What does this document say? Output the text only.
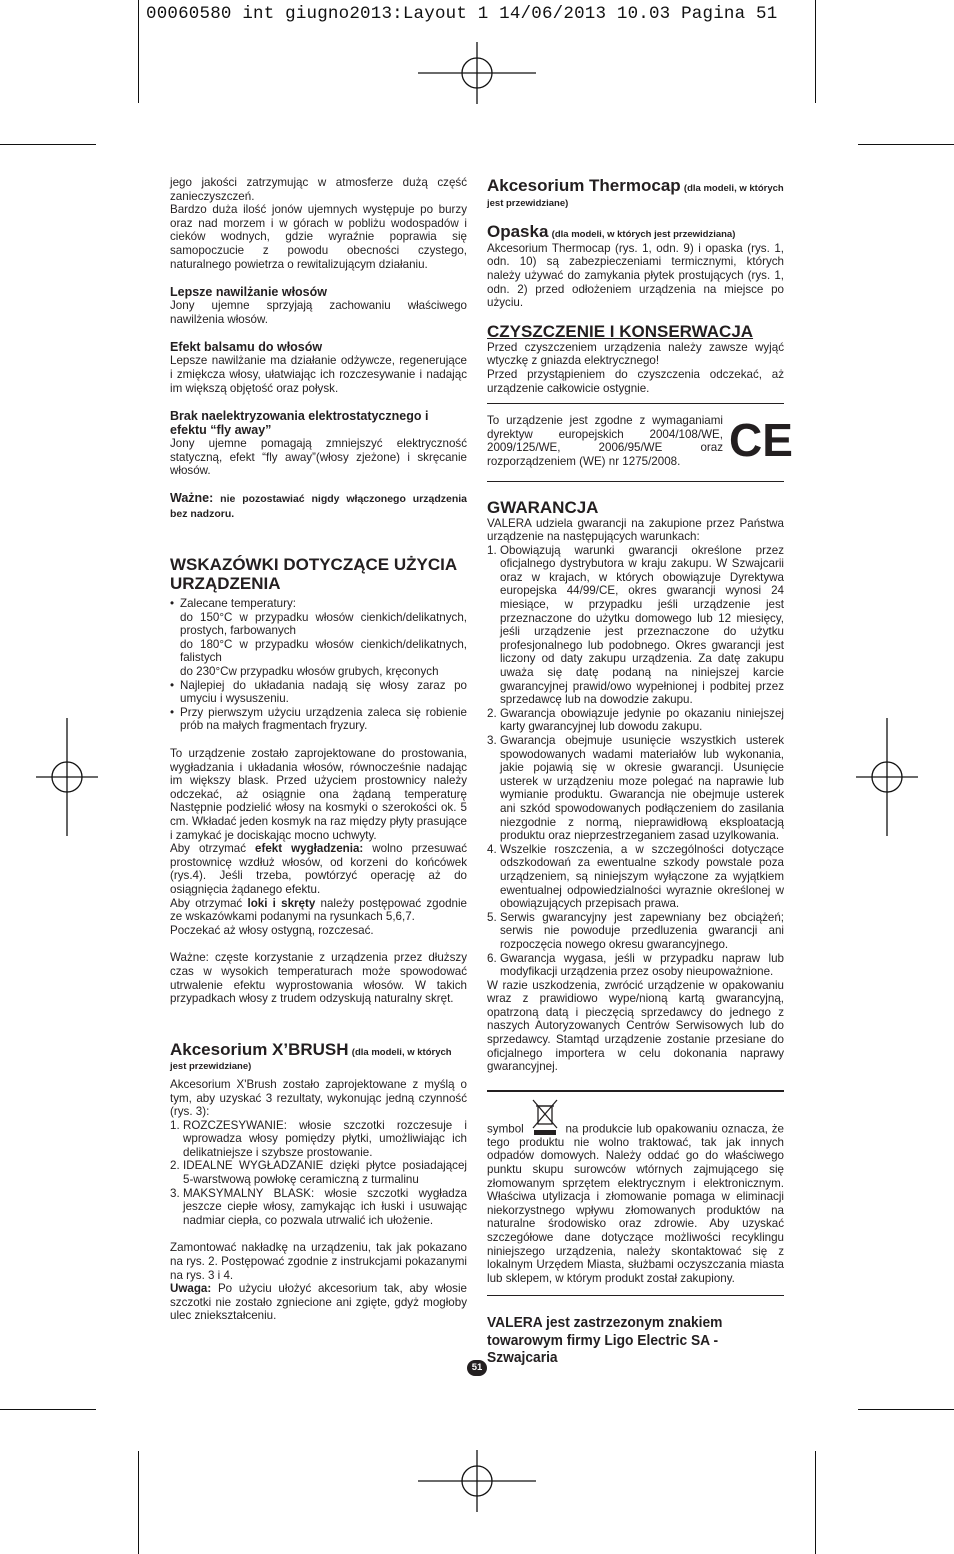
00060580 int giugno2013:Layout 1 14/06/2013 10.03 Pagina 51

jego jakości zatrzymując w atmosferze dużą część zanieczyszczeń.

Bardzo duża ilość jonów ujemnych występuje po burzy oraz nad morzem i w górach w pobliżu wodospadów i cieków wodnych, gdzie wyraźnie poprawia się samopoczucie z powodu obecności czystego, naturalnego powietrza o rewitalizującym działaniu.

Lepsze nawilżanie włosów

Jony ujemne sprzyjają zachowaniu właściwego nawilżenia włosów.

Efekt balsamu do włosów

Lepsze nawilżanie ma działanie odżywcze, regenerujące i zmiękcza włosy, ułatwiając ich rozczesywanie i nadając im większą objętość oraz połysk.

Brak naelektryzowania elektrostatycznego i efektu “fly away”

Jony ujemne pomagają zmniejszyć elektryczność statyczną, efekt “fly away”(włosy zjeżone) i skręcanie włosów.

Ważne: nie pozostawiać nigdy włączonego urządzenia bez nadzoru.

WSKAZÓWKI DOTYCZĄCE UŻYCIA URZĄDZENIA

• Zalecane temperatury:
do 150°C w przypadku włosów cienkich/delikatnych, prostych, farbowanych
do 180°C w przypadku włosów cienkich/delikatnych, falistych
do 230°Cw przypadku włosów grubych, kręconych
• Najlepiej do układania nadają się włosy zaraz po umyciu i wysuszeniu.
• Przy pierwszym użyciu urządzenia zaleca się robienie prób na małych fragmentach fryzury.

To urządzenie zostało zaprojektowane do prostowania, wygładzania i układania włosów, równocześnie nadając im większy blask. Przed użyciem prostownicy należy odczekać, aż osiągnie ona żądaną temperaturę Następnie podzielić włosy na kosmyki o szerokości ok. 5 cm. Wkładać jeden kosmyk na raz między płyty prasujące i zamykać je dociskając mocno uchwyty.

Aby otrzymać efekt wygładzenia: wolno przesuwać prostownicę wzdłuż włosów, od korzeni do końcówek (rys.4). Jeśli trzeba, powtórzyć operację aż do osiągnięcia żądanego efektu.

Aby otrzymać loki i skręty należy postępować zgodnie ze wskazówkami podanymi na rysunkach 5,6,7.

Poczekać aż włosy ostygną, rozczesać.

Ważne: częste korzystanie z urządzenia przez dłuższy czas w wysokich temperaturach może spowodować utrwalenie efektu wyprostowania włosów. W takich przypadkach włosy z trudem odzyskują naturalny skręt.

Akcesorium X’BRUSH (dla modeli, w których jest przewidziane)

Akcesorium X'Brush zostało zaprojektowane z myślą o tym, aby uzyskać 3 rezultaty, wykonując jedną czynność (rys. 3):

1. ROZCZESYWANIE: włosie szczotki rozczesuje i wprowadza włosy pomiędzy płytki, umożliwiając ich delikatniejsze i szybsze prostowanie.
2. IDEALNE WYGŁADZANIE dzięki płytce posiadającej 5-warstwową powłokę ceramiczną z turmalinu
3. MAKSYMALNY BLASK: włosie szczotki wygładza jeszcze ciepłe włosy, zamykając ich łuski i usuwając nadmiar ciepła, co pozwala utrwalić ich ułożenie.

Zamontować nakładkę na urządzeniu, tak jak pokazano na rys. 2. Postępować zgodnie z instrukcjami pokazanymi na rys. 3 i 4.

Uwaga: Po użyciu ułożyć akcesorium tak, aby włosie szczotki nie zostało zgniecione ani zgięte, gdyż mogłoby ulec zniekształceniu.

Akcesorium Thermocap (dla modeli, w których jest przewidziane)

Opaska (dla modeli, w których jest przewidziana)

Akcesorium Thermocap (rys. 1, odn. 9) i opaska (rys. 1, odn. 10) są zabezpieczeniami termicznymi, których należy używać do zamykania płytek prostujących (rys. 1, odn. 2) przed odłożeniem urządzenia na miejsce po użyciu.

CZYSZCZENIE I KONSERWACJA

Przed czyszczeniem urządzenia należy zawsze wyjąć wtyczkę z gniazda elektrycznego!

Przed przystąpieniem do czyszczenia odczekać, aż urządzenie całkowicie ostygnie.

To urządzenie jest zgodne z wymaganiami dyrektyw europejskich 2004/108/WE, 2009/125/WE, 2006/95/WE oraz rozporządzeniem (WE) nr 1275/2008.	CE

GWARANCJA

VALERA udziela gwarancji na zakupione przez Państwa urządzenie na następujących warunkach:

1. Obowiązują warunki gwarancji określone przez oficjalnego dystrybutora w kraju zakupu. W Szwajcarii oraz w krajach, w których obowiązuje Dyrektywa europejska 44/99/CE, okres gwarancji wynosi 24 miesiące, w przypadku jeśli urządzenie jest przeznaczone do użytku domowego lub 12 miesięcy, jeśli urządzenie jest przeznaczone do użytku profesjonalnego lub podobnego. Okres gwarancji jest liczony od daty zakupu urządzenia. Za datę zakupu uważa się datę podaną na niniejszej karcie gwarancyjnej prawid/owo wypełnionej i podbitej przez sprzedawcę lub na dowodzie zakupu.
2. Gwarancja obowiązuje jedynie po okazaniu niniejszej karty gwarancyjnej lub dowodu zakupu.
3. Gwarancja obejmuje usunięcie wszystkich usterek spowodowanych wadami materiałów lub wykonania, jakie pojawią się w okresie gwarancji. Usunięcie usterek w urządzeniu moze polegać na naprawie lub wymianie produktu. Gwarancja nie obejmuje usterek ani szkód spowodowanych podłączeniem do zasilania niezgodnie z normą, nieprawidłową eksploatacją produktu oraz nieprzestrzeganiem zasad uzylkowania.
4. Wszelkie roszczenia, a w szczególności dotyczące odszkodowań za ewentualne szkody powstale poza urządzeniem, są niniejszym wyłączone za wyjątkiem ewentualnej odpowiedzialności wyraznie określonej w obowiązujących przepisach prawa.
5. Serwis gwarancyjny jest zapewniany bez obciążeń; serwis nie powoduje przedluzenia gwarancji ani rozpoczęcia nowego okresu gwarancyjnego.
6. Gwarancja wygasa, jeśli w przypadku napraw lub modyfikacji urządzenia przez osoby nieupoważnione.

W razie uszkodzenia, zwrócić urządzenie w opakowaniu wraz z prawidiowo wype/nioną kartą gwarancyjną, opatrzoną datą i pieczęcią sprzedawcy do jednego z naszych Autoryzowanych Centrów Serwisowych lub do sprzedawcy. Stamtąd urządzenie zostanie przesiane do oficjalnego importera w celu dokonania naprawy gwarancyjnej.

symbol	na produkcie lub opakowaniu oznacza, że tego produktu nie wolno traktować, tak jak innych odpadów domowych. Należy oddać go do właściwego punktu skupu surowców wtórnych zajmującego się złomowanym sprzętem elektrycznym i elektronicznym. Właściwa utylizacja i złomowanie pomaga w eliminacji niekorzystnego wpływu złomowanych produktów na naturalne środowisko oraz zdrowie. Aby uzyskać szczegółowe dane dotyczące możliwości recyklingu niniejszego urządzenia, należy skontaktować się z lokalnym Urzędem Miasta, służbami oczyszczania miasta lub sklepem, w którym produkt został zakupiony.

VALERA jest zastrzezonym znakiem towarowym firmy Ligo Electric SA - Szwajcaria

51
